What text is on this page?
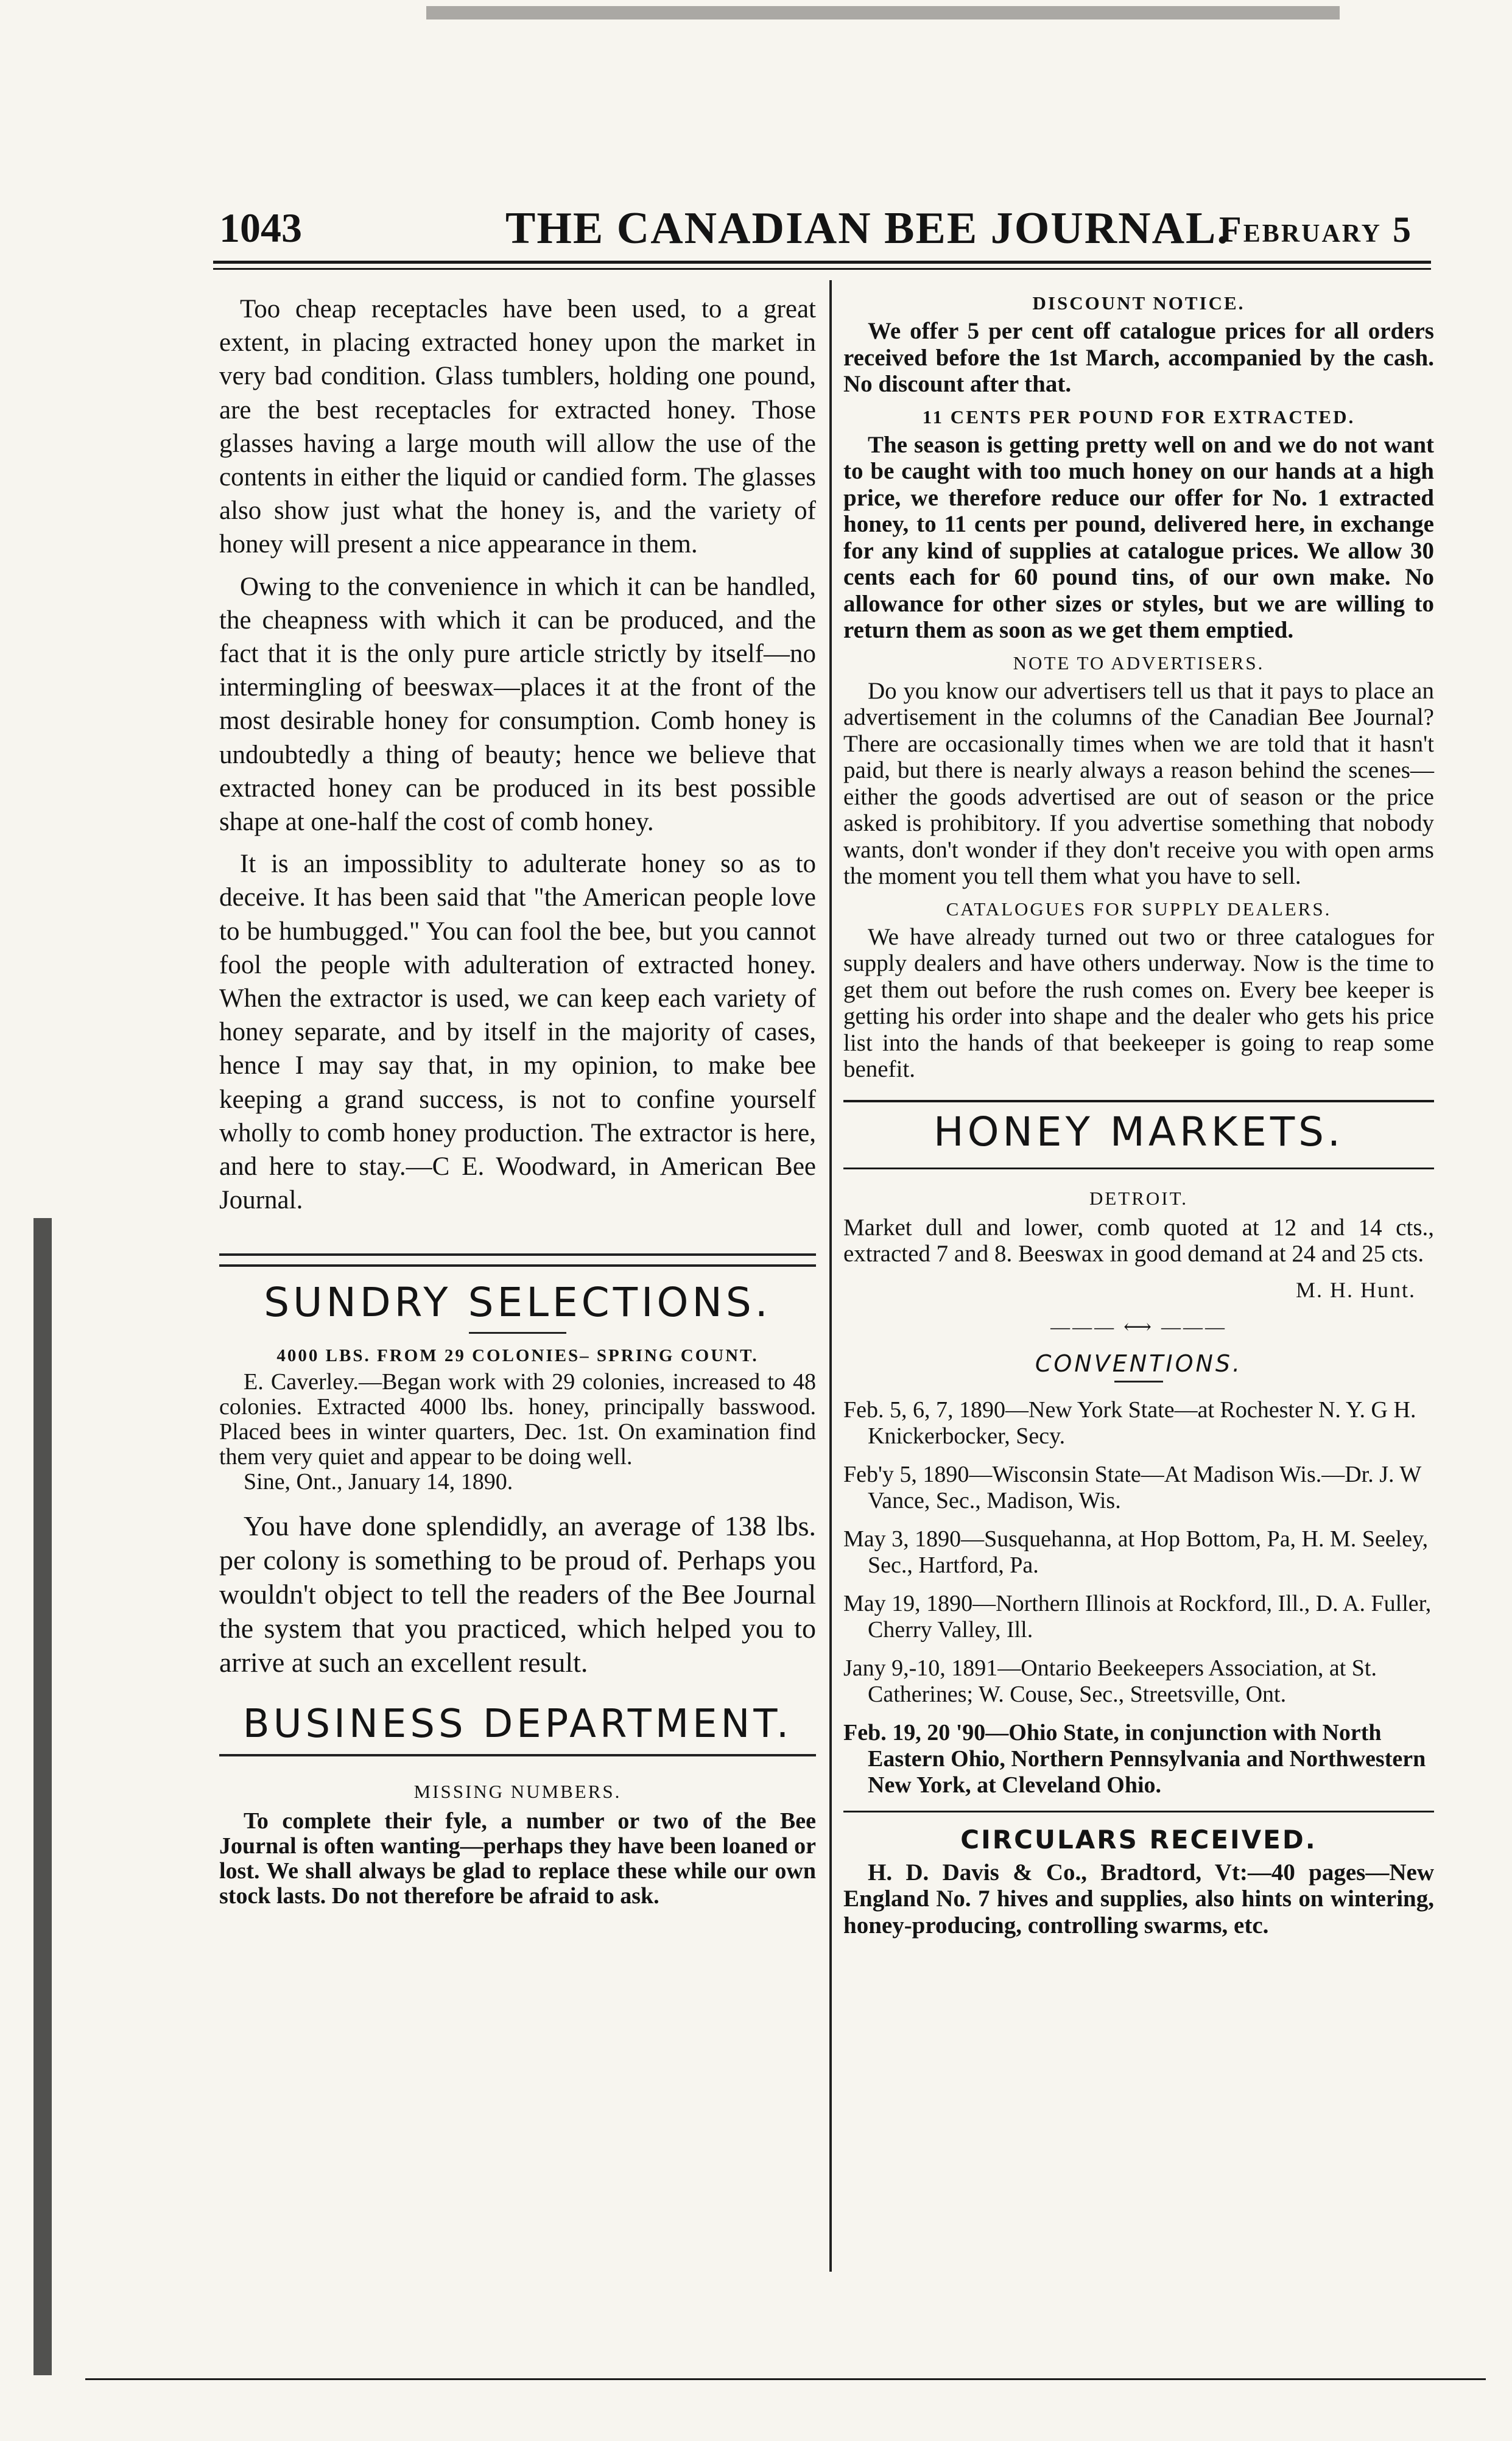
1043	THE CANADIAN BEE JOURNAL.
February 5

Too cheap receptacles have been used, to a great extent, in placing extracted honey upon the market in very bad condition. Glass tumblers, holding one pound, are the best receptacles for extracted honey. Those glasses having a large mouth will allow the use of the contents in either the liquid or candied form. The glasses also show just what the honey is, and the variety of honey will present a nice appearance in them.

Owing to the convenience in which it can be handled, the cheapness with which it can be produced, and the fact that it is the only pure article strictly by itself—no intermingling of beeswax—places it at the front of the most desirable honey for consumption. Comb honey is undoubtedly a thing of beauty; hence we believe that extracted honey can be produced in its best possible shape at one-half the cost of comb honey.

It is an impossiblity to adulterate honey so as to deceive. It has been said that "the American people love to be humbugged." You can fool the bee, but you cannot fool the people with adulteration of extracted honey. When the extractor is used, we can keep each variety of honey separate, and by itself in the majority of cases, hence I may say that, in my opinion, to make bee keeping a grand success, is not to confine yourself wholly to comb honey production. The extractor is here, and here to stay.—C E. Woodward, in American Bee Journal.

SUNDRY SELECTIONS.

4000 LBS. FROM 29 COLONIES– SPRING COUNT.

E. Caverley.—Began work with 29 colonies, increased to 48 colonies. Extracted 4000 lbs. honey, principally basswood. Placed bees in winter quarters, Dec. 1st. On examination find them very quiet and appear to be doing well.

Sine, Ont., January 14, 1890.

You have done splendidly, an average of 138 lbs. per colony is something to be proud of. Perhaps you wouldn't object to tell the readers of the Bee Journal the system that you practiced, which helped you to arrive at such an excellent result.

BUSINESS DEPARTMENT.

MISSING NUMBERS.

To complete their fyle, a number or two of the Bee Journal is often wanting—perhaps they have been loaned or lost. We shall always be glad to replace these while our own stock lasts. Do not therefore be afraid to ask.

DISCOUNT NOTICE.

We offer 5 per cent off catalogue prices for all orders received before the 1st March, accompanied by the cash. No discount after that.

11 CENTS PER POUND FOR EXTRACTED.

The season is getting pretty well on and we do not want to be caught with too much honey on our hands at a high price, we therefore reduce our offer for No. 1 extracted honey, to 11 cents per pound, delivered here, in exchange for any kind of supplies at catalogue prices. We allow 30 cents each for 60 pound tins, of our own make. No allowance for other sizes or styles, but we are willing to return them as soon as we get them emptied.

NOTE TO ADVERTISERS.

Do you know our advertisers tell us that it pays to place an advertisement in the columns of the Canadian Bee Journal? There are occasionally times when we are told that it hasn't paid, but there is nearly always a reason behind the scenes—either the goods advertised are out of season or the price asked is prohibitory. If you advertise something that nobody wants, don't wonder if they don't receive you with open arms the moment you tell them what you have to sell.

CATALOGUES FOR SUPPLY DEALERS.

We have already turned out two or three catalogues for supply dealers and have others underway. Now is the time to get them out before the rush comes on. Every bee keeper is getting his order into shape and the dealer who gets his price list into the hands of that beekeeper is going to reap some benefit.

HONEY MARKETS.

DETROIT.

Market dull and lower, comb quoted at 12 and 14 cts., extracted 7 and 8. Beeswax in good demand at 24 and 25 cts.

M. H. Hunt.

——— ⟷ ———
CONVENTIONS.

Feb. 5, 6, 7, 1890—New York State—at Rochester N. Y. G H. Knickerbocker, Secy.

Feb'y 5, 1890—Wisconsin State—At Madison Wis.—Dr. J. W Vance, Sec., Madison, Wis.

May 3, 1890—Susquehanna, at Hop Bottom, Pa, H. M. Seeley, Sec., Hartford, Pa.

May 19, 1890—Northern Illinois at Rockford, Ill., D. A. Fuller, Cherry Valley, Ill.

Jany 9,-10, 1891—Ontario Beekeepers Association, at St. Catherines; W. Couse, Sec., Streetsville, Ont.

Feb. 19, 20 '90—Ohio State, in conjunction with North Eastern Ohio, Northern Pennsylvania and Northwestern New York, at Cleveland Ohio.

CIRCULARS RECEIVED.

H. D. Davis & Co., Bradtord, Vt:—40 pages—New England No. 7 hives and supplies, also hints on wintering, honey-producing, controlling swarms, etc.
